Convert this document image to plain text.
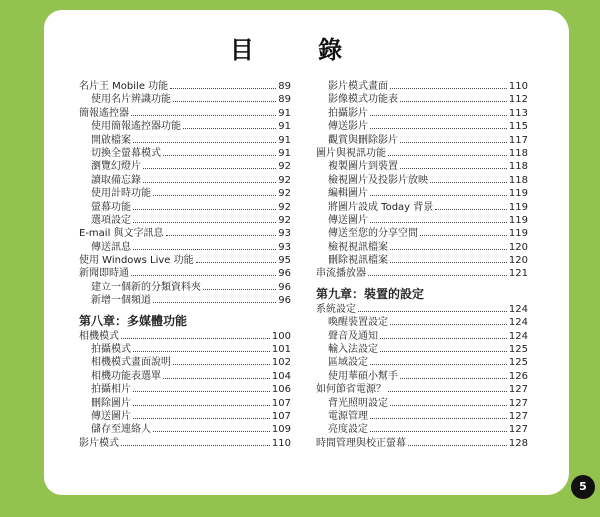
目 錄
名片王 Mobile 功能	89
使用名片辨識功能	89
簡報遙控器	91
使用簡報遙控器功能	91
開啟檔案	91
切換全螢幕模式	91
瀏覽幻燈片	92
讀取備忘錄	92
使用計時功能	92
螢幕功能	92
選項設定	92
E-mail 與文字訊息	93
傳送訊息	93
使用 Windows Live 功能	95
新聞即時通	96
建立一個新的分類資料夾	96
新增一個頻道	96
第八章：多媒體功能
相機模式	100
拍攝模式	101
相機模式畫面說明	102
相機功能表選單	104
拍攝相片	106
刪除圖片	107
傳送圖片	107
儲存至連絡人	109
影片模式	110
影片模式畫面	110
影像模式功能表	112
拍攝影片	113
傳送影片	115
觀賞與刪除影片	117
圖片與視訊功能	118
複製圖片到裝置	118
檢視圖片及投影片放映	118
編輯圖片	119
將圖片設成 Today 背景	119
傳送圖片	119
傳送至您的分享空間	119
檢視視訊檔案	120
刪除視訊檔案	120
串流播放器	121
第九章：裝置的設定
系統設定	124
喚醒裝置設定	124
聲音及通知	124
輸入法設定	125
區域設定	125
使用華碩小幫手	126
如何節省電源？	127
背光照明設定	127
電源管理	127
亮度設定	127
時間管理與校正螢幕	128
5
